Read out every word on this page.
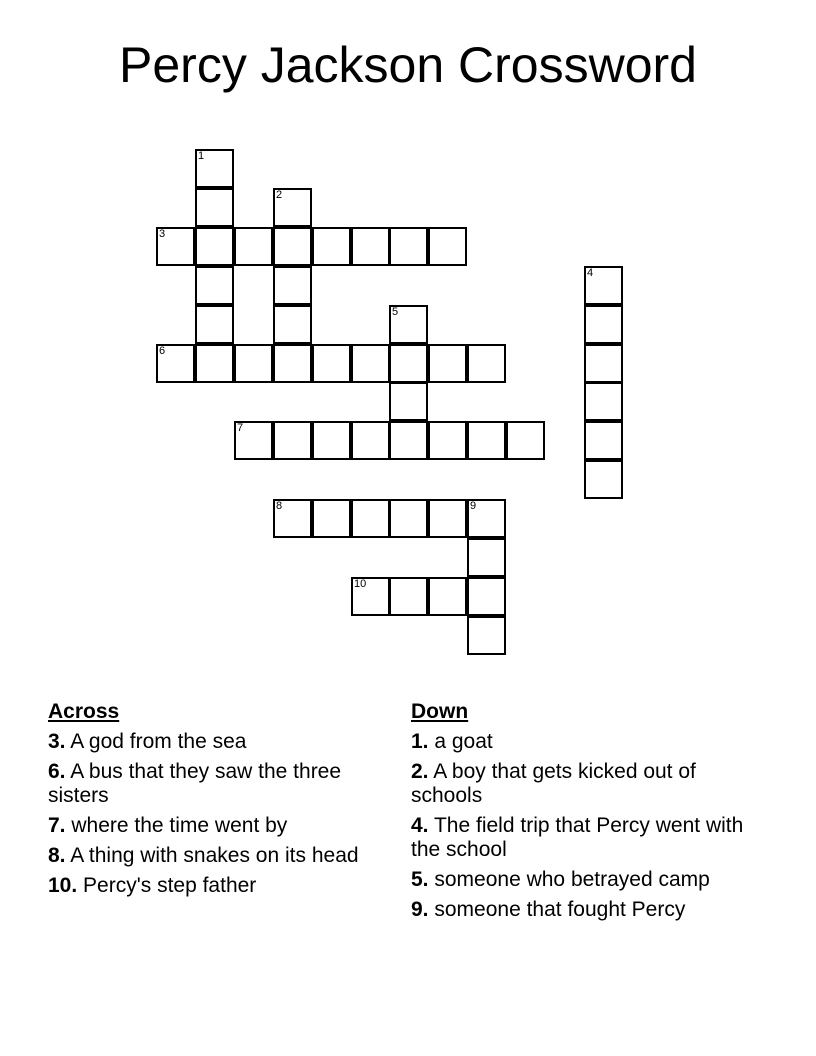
Percy Jackson Crossword
1
2
3
4
5
6
7
8	9
10
Across
3. A god from the sea
6. A bus that they saw the three sisters
7. where the time went by
8. A thing with snakes on its head
10. Percy's step father
Down
1. a goat
2. A boy that gets kicked out of schools
4. The field trip that Percy went with the school
5. someone who betrayed camp
9. someone that fought Percy
